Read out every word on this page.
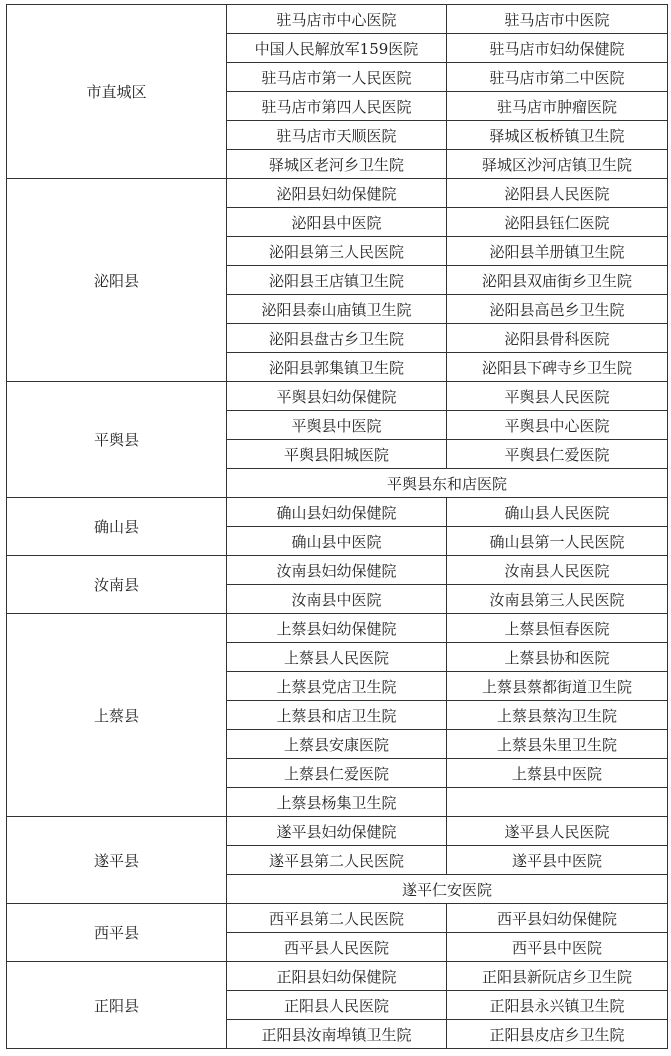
市直城区	驻马店市中心医院	驻马店市中医院
	中国人民解放军159医院	驻马店市妇幼保健院
	驻马店市第一人民医院	驻马店市第二中医院
	驻马店市第四人民医院	驻马店市肿瘤医院
	驻马店市天顺医院	驿城区板桥镇卫生院
	驿城区老河乡卫生院	驿城区沙河店镇卫生院
泌阳县	泌阳县妇幼保健院	泌阳县人民医院
	泌阳县中医院	泌阳县钰仁医院
	泌阳县第三人民医院	泌阳县羊册镇卫生院
	泌阳县王店镇卫生院	泌阳县双庙街乡卫生院
	泌阳县泰山庙镇卫生院	泌阳县高邑乡卫生院
	泌阳县盘古乡卫生院	泌阳县骨科医院
	泌阳县郭集镇卫生院	泌阳县下碑寺乡卫生院
平舆县	平舆县妇幼保健院	平舆县人民医院
	平舆县中医院	平舆县中心医院
	平舆县阳城医院	平舆县仁爱医院
	平舆县东和店医院	
确山县	确山县妇幼保健院	确山县人民医院
	确山县中医院	确山县第一人民医院
汝南县	汝南县妇幼保健院	汝南县人民医院
	汝南县中医院	汝南县第三人民医院
上蔡县	上蔡县妇幼保健院	上蔡县恒春医院
	上蔡县人民医院	上蔡县协和医院
	上蔡县党店卫生院	上蔡县蔡都街道卫生院
	上蔡县和店卫生院	上蔡县蔡沟卫生院
	上蔡县安康医院	上蔡县朱里卫生院
	上蔡县仁爱医院	上蔡县中医院
	上蔡县杨集卫生院	
遂平县	遂平县妇幼保健院	遂平县人民医院
	遂平县第二人民医院	遂平县中医院
	遂平仁安医院	
西平县	西平县第二人民医院	西平县妇幼保健院
	西平县人民医院	西平县中医院
正阳县	正阳县妇幼保健院	正阳县新阮店乡卫生院
	正阳县人民医院	正阳县永兴镇卫生院
	正阳县汝南埠镇卫生院	正阳县皮店乡卫生院
